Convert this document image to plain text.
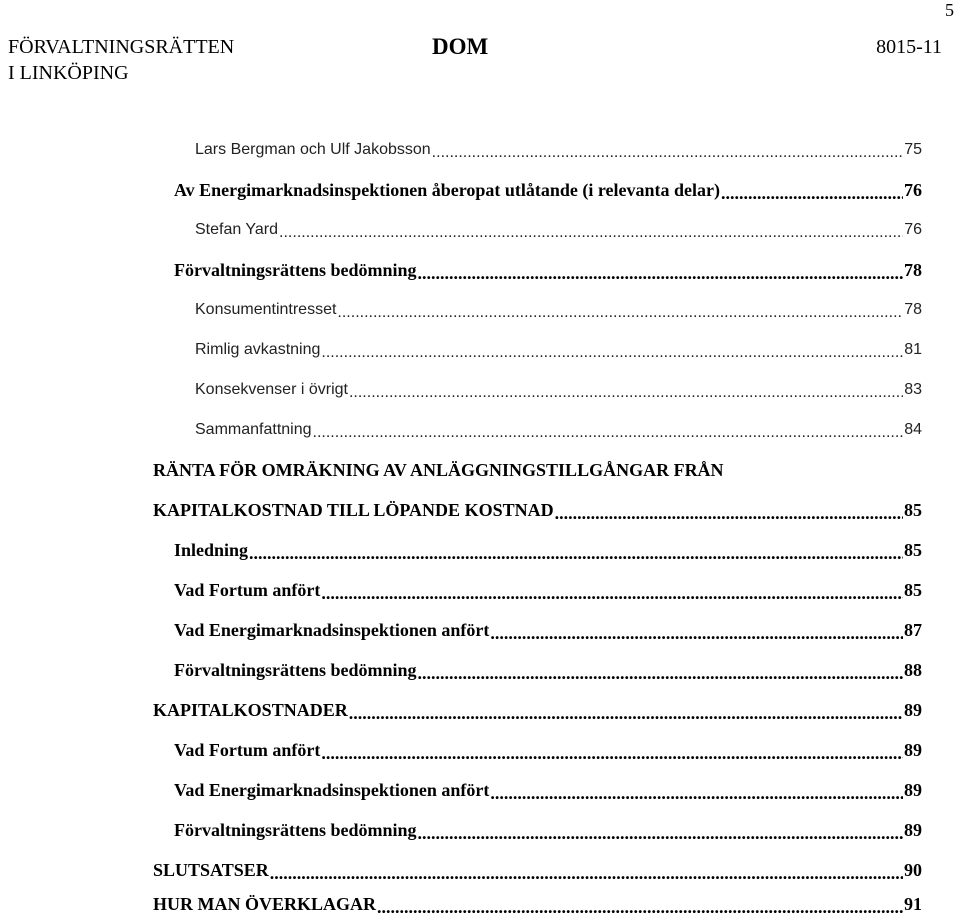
5
FÖRVALTNINGSRÄTTEN
I LINKÖPING
DOM	8015-11
Lars Bergman och Ulf Jakobsson .....	75
Av Energimarknadsinspektionen åberopat utlåtande (i relevanta delar) .....	76
Stefan Yard .....	76
Förvaltningsrättens bedömning .....	78
Konsumentintresset .....	78
Rimlig avkastning .....	81
Konsekvenser i övrigt .....	83
Sammanfattning .....	84
RÄNTA FÖR OMRÄKNING AV ANLÄGGNINGSTILLGÅNGAR FRÅN
KAPITALKOSTNAD TILL LÖPANDE KOSTNAD .....	85
Inledning .....	85
Vad Fortum anfört .....	85
Vad Energimarknadsinspektionen anfört .....	87
Förvaltningsrättens bedömning .....	88
KAPITALKOSTNADER .....	89
Vad Fortum anfört .....	89
Vad Energimarknadsinspektionen anfört .....	89
Förvaltningsrättens bedömning .....	89
SLUTSATSER .....	90
HUR MAN ÖVERKLAGAR .....	91
